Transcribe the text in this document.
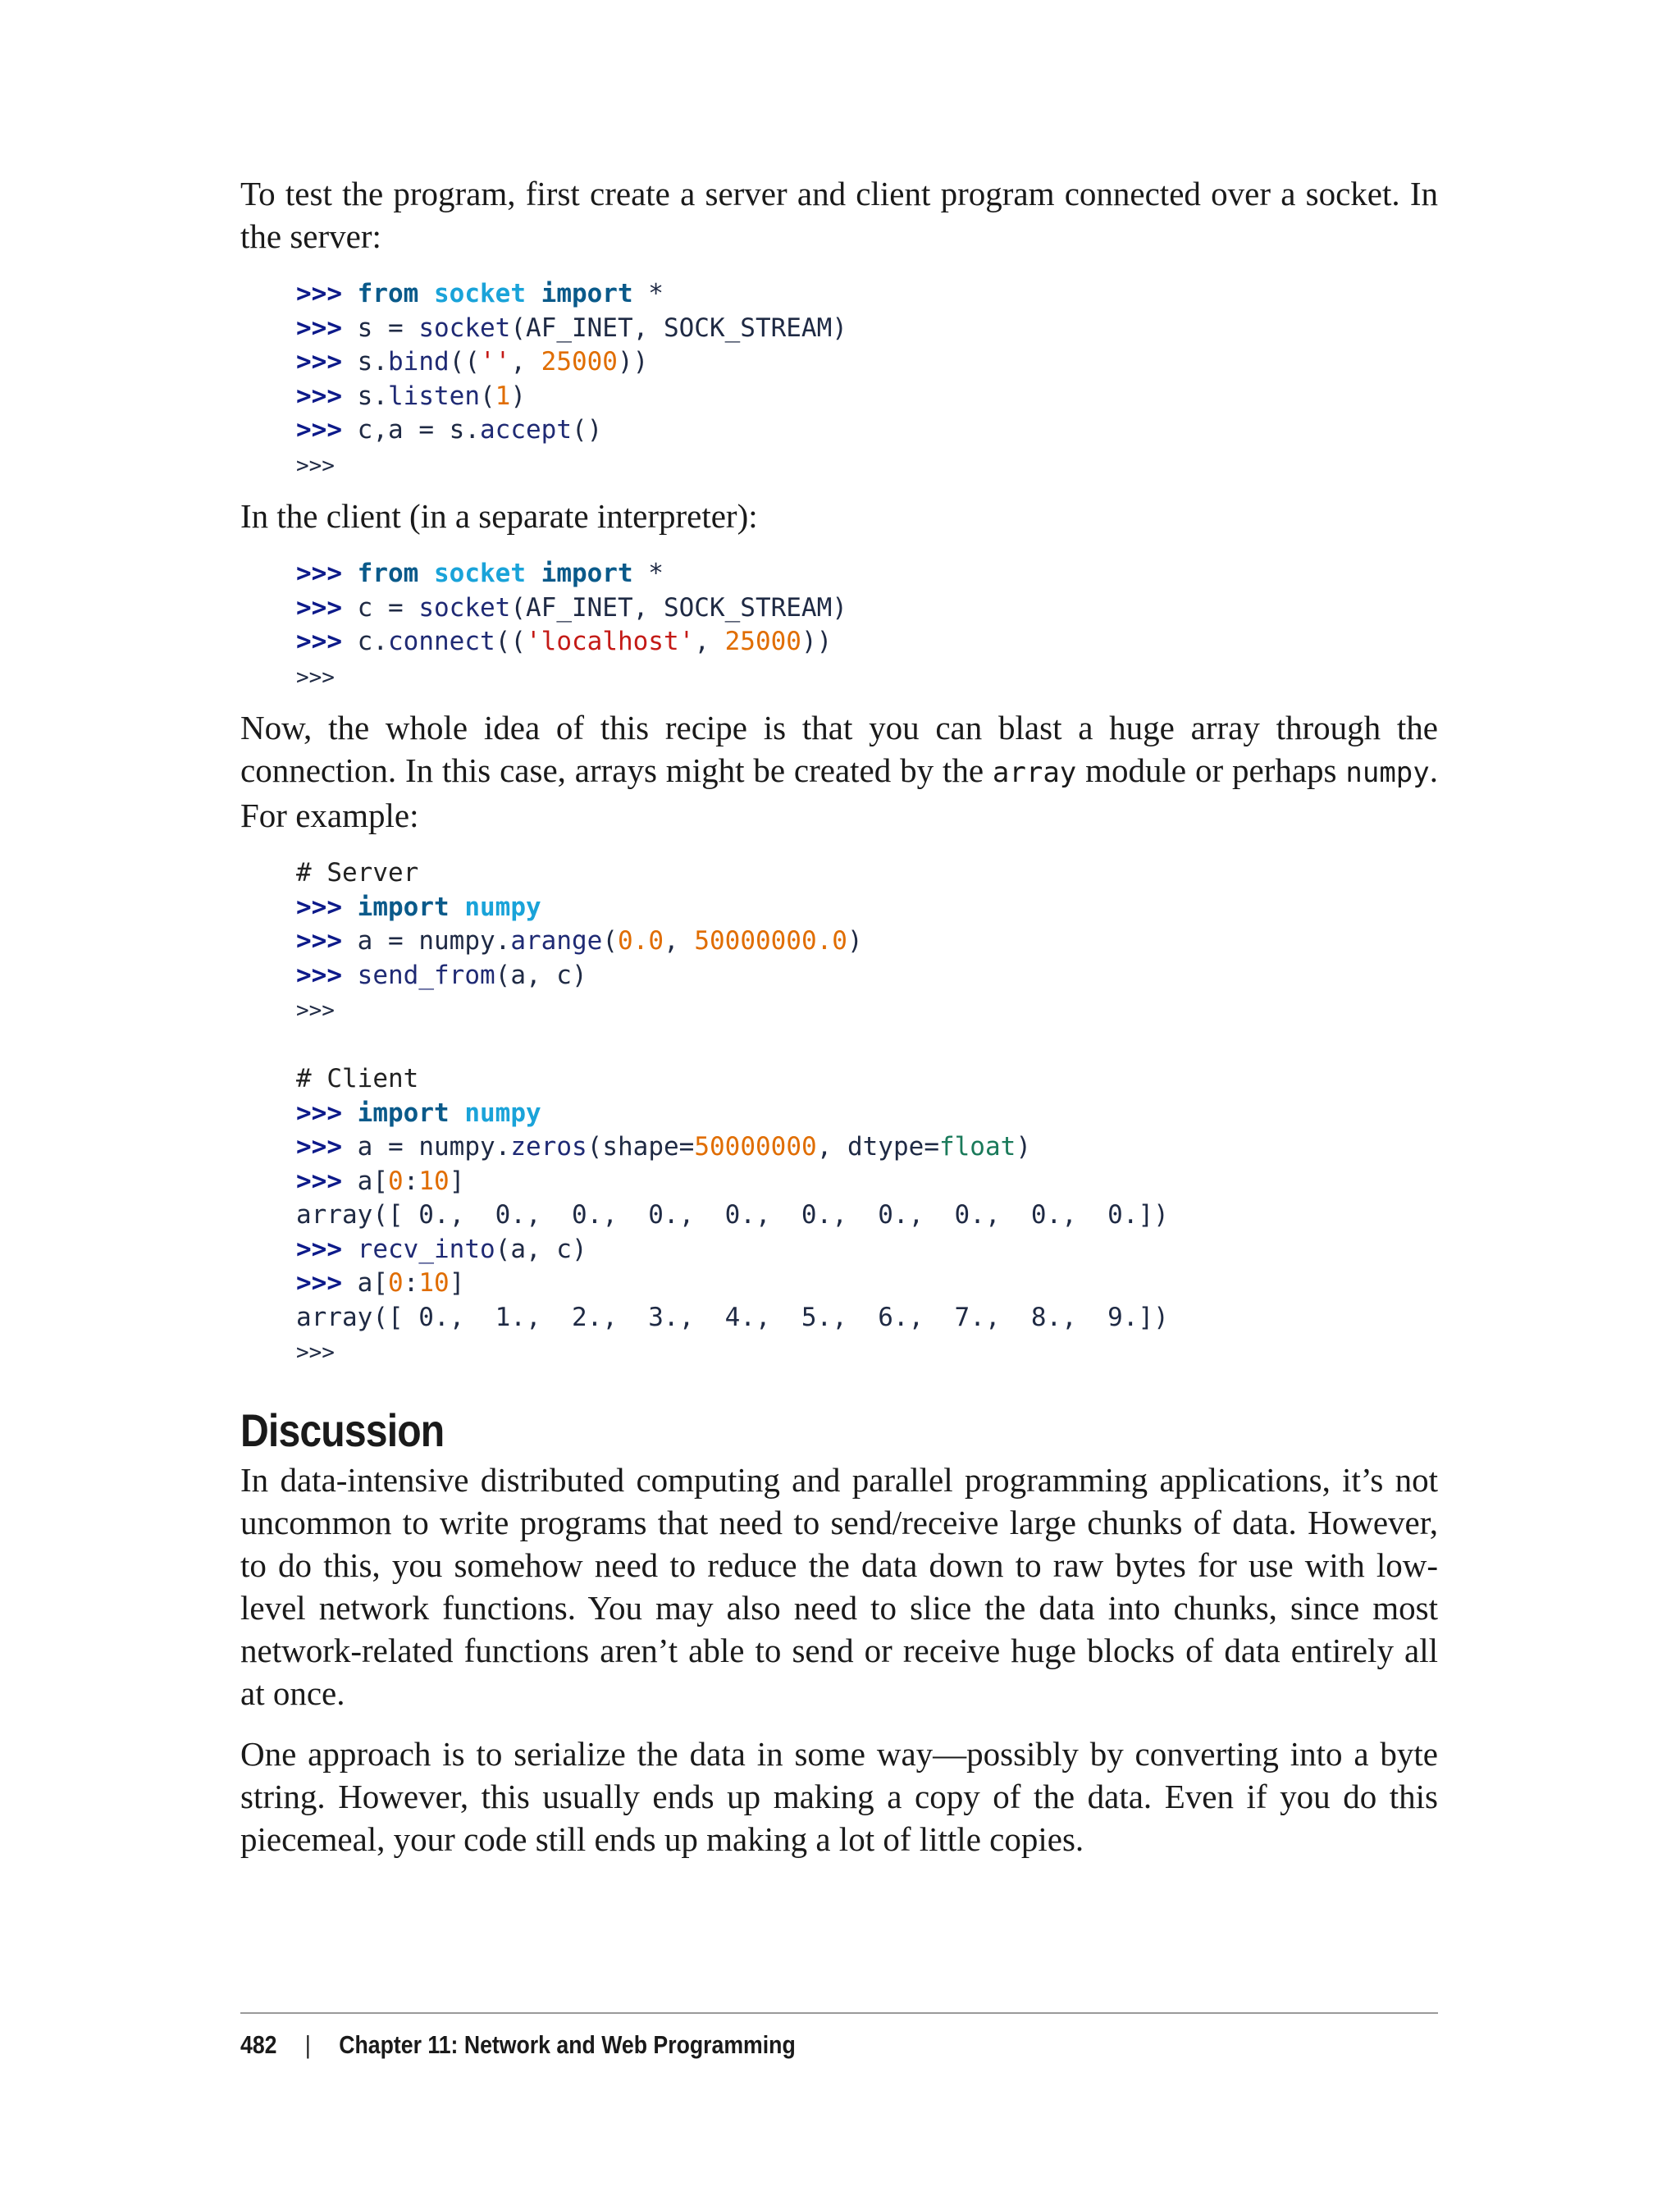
To test the program, first create a server and client program connected over a socket. In the server:

>>> from socket import *
>>> s = socket(AF_INET, SOCK_STREAM)
>>> s.bind(('', 25000))
>>> s.listen(1)
>>> c,a = s.accept()
>>>

In the client (in a separate interpreter):

>>> from socket import *
>>> c = socket(AF_INET, SOCK_STREAM)
>>> c.connect(('localhost', 25000))
>>>

Now, the whole idea of this recipe is that you can blast a huge array through the connection. In this case, arrays might be created by the array module or perhaps numpy. For example:

# Server
>>> import numpy
>>> a = numpy.arange(0.0, 50000000.0)
>>> send_from(a, c)
>>>

# Client
>>> import numpy
>>> a = numpy.zeros(shape=50000000, dtype=float)
>>> a[0:10]
array([ 0.,  0.,  0.,  0.,  0.,  0.,  0.,  0.,  0.,  0.])
>>> recv_into(a, c)
>>> a[0:10]
array([ 0.,  1.,  2.,  3.,  4.,  5.,  6.,  7.,  8.,  9.])
>>>
Discussion

In data-intensive distributed computing and parallel programming applications, it’s not uncommon to write programs that need to send/receive large chunks of data. However, to do this, you somehow need to reduce the data down to raw bytes for use with low-level network functions. You may also need to slice the data into chunks, since most network-related functions aren’t able to send or receive huge blocks of data entirely all at once.

One approach is to serialize the data in some way—possibly by converting into a byte string. However, this usually ends up making a copy of the data. Even if you do this piecemeal, your code still ends up making a lot of little copies.

482 | Chapter 11: Network and Web Programming
